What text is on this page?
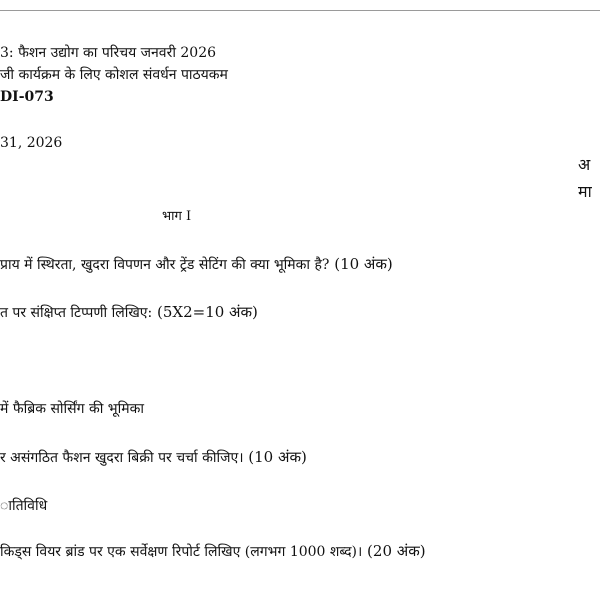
3: फैशन उद्योग का परिचय जनवरी 2026
जी कार्यक्रम के लिए कोशल संवर्धन पाठयकम
DI-073
31, 2026
अ
मा
भाग I
प्राय में स्थिरता, खुदरा विपणन और ट्रेंड सेटिंग की क्या भूमिका है? (10 अंक)
त पर संक्षिप्त टिप्पणी लिखिए: (5X2=10 अंक)
में फैब्रिक सोर्सिंग की भूमिका
र असंगठित फैशन खुदरा बिक्री पर चर्चा कीजिए। (10 अंक)
ातिविधि
किड्स वियर ब्रांड पर एक सर्वेक्षण रिपोर्ट लिखिए (लगभग 1000 शब्द)। (20 अंक)
